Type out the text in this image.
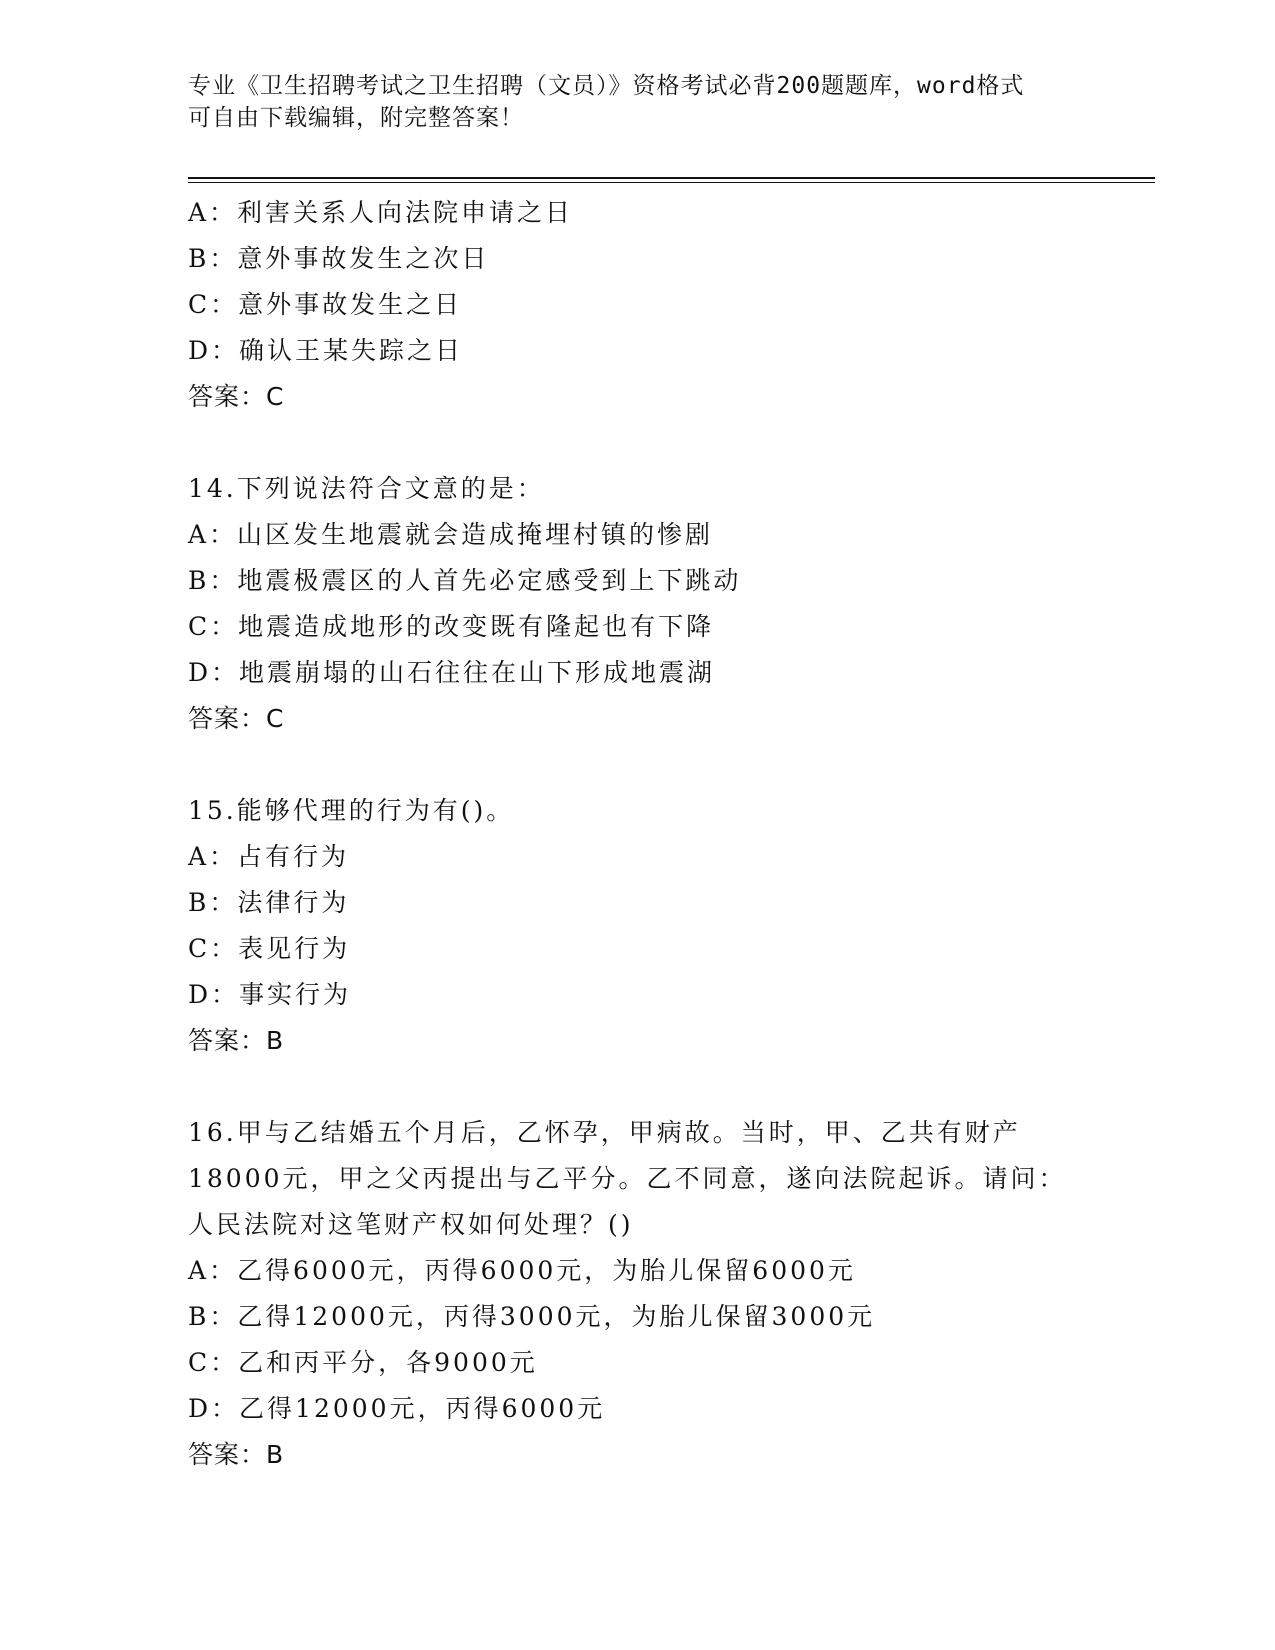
专业《卫生招聘考试之卫生招聘（文员）》资格考试必背200题题库，word格式
可自由下载编辑，附完整答案！
A：利害关系人向法院申请之日
B：意外事故发生之次日
C：意外事故发生之日
D：确认王某失踪之日
答案：C
14.下列说法符合文意的是：
A：山区发生地震就会造成掩埋村镇的惨剧
B：地震极震区的人首先必定感受到上下跳动
C：地震造成地形的改变既有隆起也有下降
D：地震崩塌的山石往往在山下形成地震湖
答案：C
15.能够代理的行为有()。
A：占有行为
B：法律行为
C：表见行为
D：事实行为
答案：B
16.甲与乙结婚五个月后，乙怀孕，甲病故。当时，甲、乙共有财产
18000元，甲之父丙提出与乙平分。乙不同意，遂向法院起诉。请问：
人民法院对这笔财产权如何处理？()
A：乙得6000元，丙得6000元，为胎儿保留6000元
B：乙得12000元，丙得3000元，为胎儿保留3000元
C：乙和丙平分，各9000元
D：乙得12000元，丙得6000元
答案：B
